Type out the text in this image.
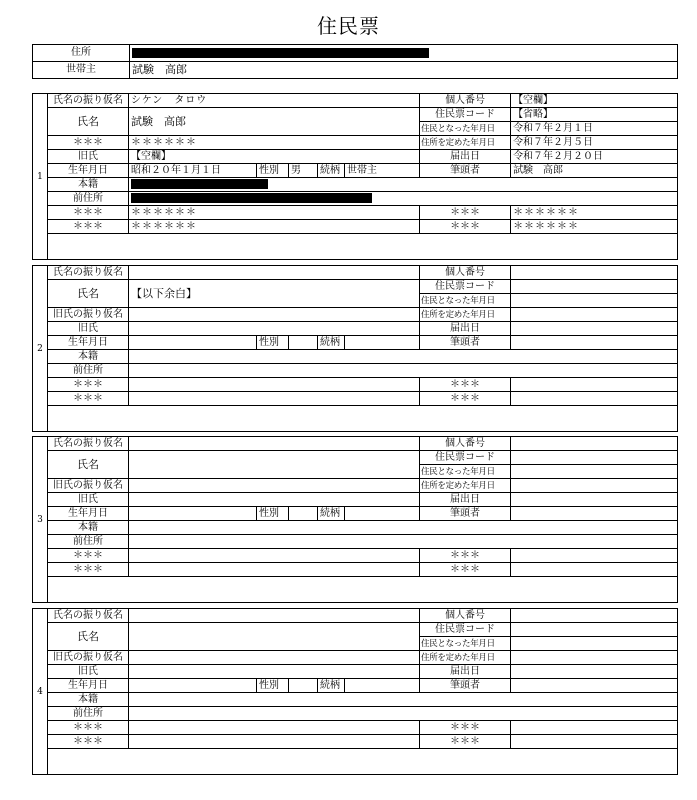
住民票
住所	
世帯主	試験　高郎
1	氏名の振り仮名	シケン　タロウ					個人番号	【空欄】
	氏名	試験　高郎					住民票コード	【省略】
							住民となった年月日	令和７年２月１日
	＊＊＊	＊＊＊＊＊＊					住所を定めた年月日	令和７年２月５日
	旧氏	【空欄】					届出日	令和７年２月２０日
	生年月日	昭和２０年１月１日	性別	男	続柄	世帯主	筆頭者	試験　高郎
	本籍							
	前住所							
	＊＊＊	＊＊＊＊＊＊					＊＊＊	＊＊＊＊＊＊
	＊＊＊	＊＊＊＊＊＊					＊＊＊	＊＊＊＊＊＊

2	氏名の振り仮名						個人番号	
	氏名	【以下余白】					住民票コード	
							住民となった年月日	
	旧氏の振り仮名						住所を定めた年月日	
	旧氏						届出日	
	生年月日		性別		続柄		筆頭者	
	本籍							
	前住所							
	＊＊＊						＊＊＊	
	＊＊＊						＊＊＊	

3	氏名の振り仮名						個人番号	
	氏名						住民票コード	
							住民となった年月日	
	旧氏の振り仮名						住所を定めた年月日	
	旧氏						届出日	
	生年月日		性別		続柄		筆頭者	
	本籍							
	前住所							
	＊＊＊						＊＊＊	
	＊＊＊						＊＊＊	

4	氏名の振り仮名						個人番号	
	氏名						住民票コード	
							住民となった年月日	
	旧氏の振り仮名						住所を定めた年月日	
	旧氏						届出日	
	生年月日		性別		続柄		筆頭者	
	本籍							
	前住所							
	＊＊＊						＊＊＊	
	＊＊＊						＊＊＊	
